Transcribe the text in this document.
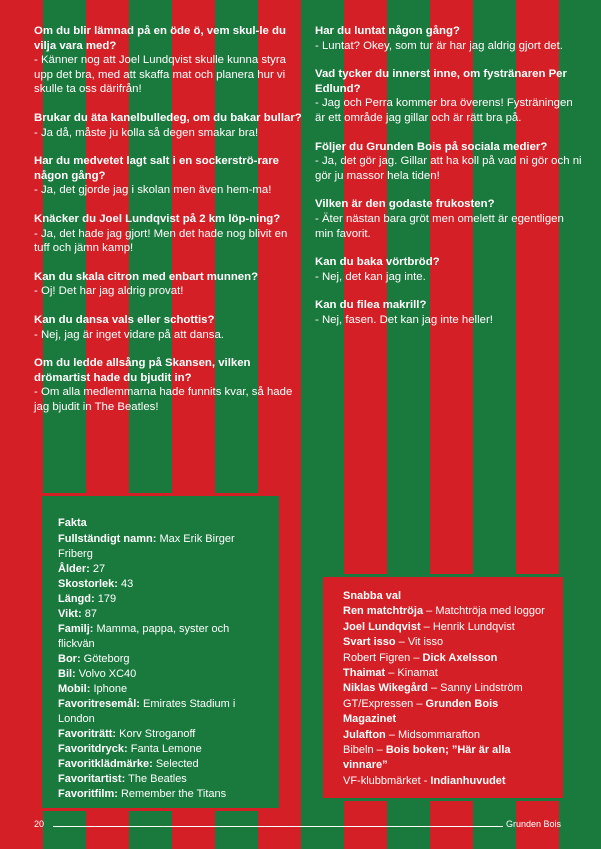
Om du blir lämnad på en öde ö, vem skul-le du vilja vara med?
- Känner nog att Joel Lundqvist skulle kunna styra upp det bra, med att skaffa mat och planera hur vi skulle ta oss därifrån!
Brukar du äta kanelbulledeg, om du bakar bullar?
- Ja då, måste ju kolla så degen smakar bra!
Har du medvetet lagt salt i en sockerströ-rare någon gång?
- Ja, det gjorde jag i skolan men även hem-ma!
Knäcker du Joel Lundqvist på 2 km löp-ning?
- Ja, det hade jag gjort! Men det hade nog blivit en tuff och jämn kamp!
Kan du skala citron med enbart munnen?
- Oj! Det har jag aldrig provat!
Kan du dansa vals eller schottis?
- Nej, jag är inget vidare på att dansa.
Om du ledde allsång på Skansen, vilken drömartist hade du bjudit in?
- Om alla medlemmarna hade funnits kvar, så hade jag bjudit in The Beatles!
Har du luntat någon gång?
- Luntat? Okey, som tur är har jag aldrig gjort det.
Vad tycker du innerst inne, om fystränaren Per Edlund?
- Jag och Perra kommer bra överens! Fysträningen är ett område jag gillar och är rätt bra på.
Följer du Grunden Bois på sociala medier?
- Ja, det gör jag. Gillar att ha koll på vad ni gör och ni gör ju massor hela tiden!
Vilken är den godaste frukosten?
- Äter nästan bara gröt men omelett är egentligen min favorit.
Kan du baka vörtbröd?
- Nej, det kan jag inte.
Kan du filea makrill?
- Nej, fasen. Det kan jag inte heller!
Fakta
Fullständigt namn: Max Erik Birger Friberg
Ålder: 27
Skostorlek: 43
Längd: 179
Vikt: 87
Familj: Mamma, pappa, syster och flickvän
Bor: Göteborg
Bil: Volvo XC40
Mobil: Iphone
Favoritresemål: Emirates Stadium i London
Favoriträtt: Korv Stroganoff
Favoritdryck: Fanta Lemone
Favoritklädmärke: Selected
Favoritartist: The Beatles
Favoritfilm: Remember the Titans
Snabba val
Ren matchtröja – Matchtröja med loggor
Joel Lundqvist – Henrik Lundqvist
Svart isso – Vit isso
Robert Figren – Dick Axelsson
Thaimat – Kinamat
Niklas Wikegård – Sanny Lindström
GT/Expressen – Grunden Bois Magazinet
Julafton – Midsommarafton
Bibeln – Bois boken; ”Här är alla vinnare”
VF-klubbmärket - Indianhuvudet
20	Grunden Bois
